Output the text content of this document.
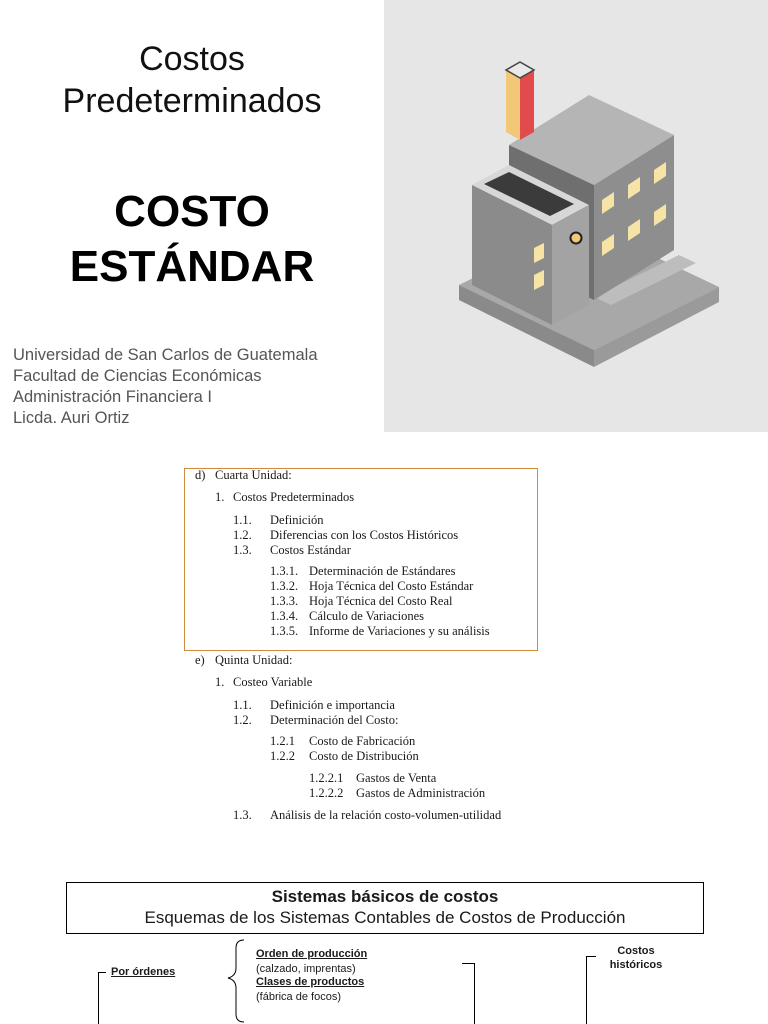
Costos
Predeterminados
COSTO
ESTÁNDAR
Universidad de San Carlos de Guatemala
Facultad de Ciencias Económicas
Administración Financiera I
Licda. Auri Ortiz
d) Cuarta Unidad:
1. Costos Predeterminados
1.1. Definición
1.2. Diferencias con los Costos Históricos
1.3. Costos Estándar
1.3.1. Determinación de Estándares
1.3.2. Hoja Técnica del Costo Estándar
1.3.3. Hoja Técnica del Costo Real
1.3.4. Cálculo de Variaciones
1.3.5. Informe de Variaciones y su análisis
e) Quinta Unidad:
1. Costeo Variable
1.1. Definición e importancia
1.2. Determinación del Costo:
1.2.1 Costo de Fabricación
1.2.2 Costo de Distribución
1.2.2.1 Gastos de Venta
1.2.2.2 Gastos de Administración
1.3. Análisis de la relación costo-volumen-utilidad
Sistemas básicos de costos
Esquemas de los Sistemas Contables de Costos de Producción
Por órdenes
Orden de producción
(calzado, imprentas)
Clases de productos
(fábrica de focos)
Costos
históricos
